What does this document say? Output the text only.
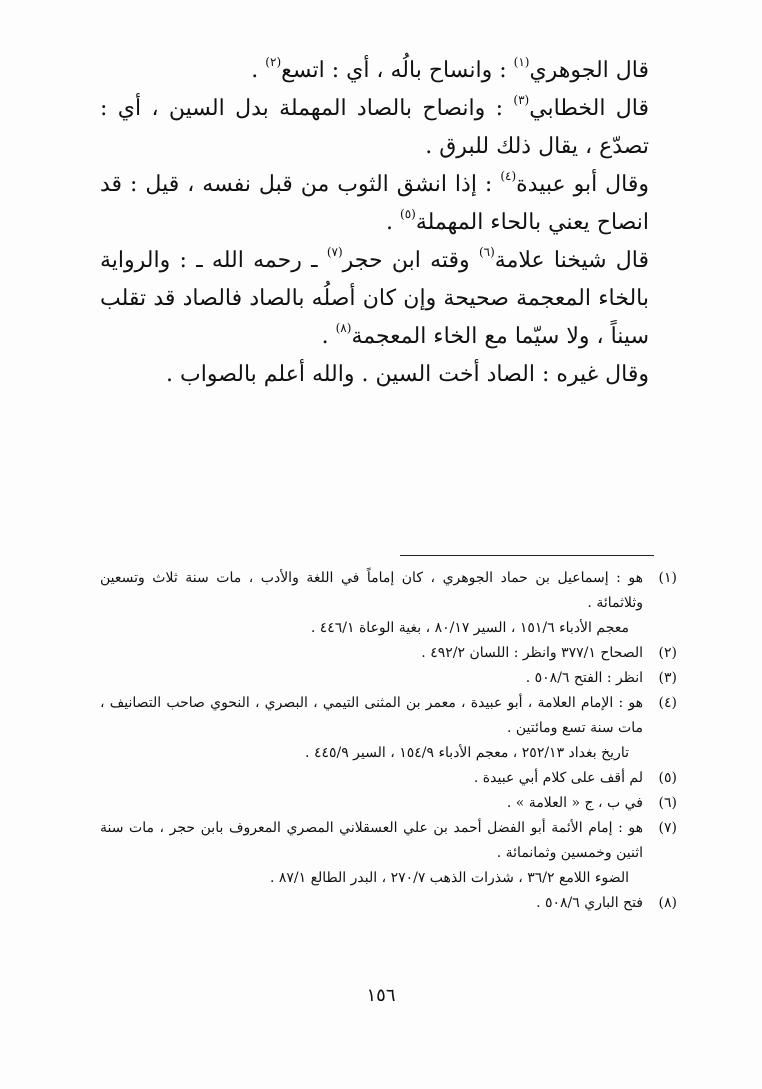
قال الجوهري$^{(١)}$ : وانساح بالُه ، أي : اتسع$^{(٢)}$ .

قال الخطابي$^{(٣)}$ : وانصاح بالصاد المهملة بدل السين ، أي : تصدّع ، يقال ذلك للبرق .

وقال أبو عبيدة$^{(٤)}$ : إذا انشق الثوب من قبل نفسه ، قيل : قد انصاح يعني بالحاء المهملة$^{(٥)}$ .

قال شيخنا علامة$^{(٦)}$ وقته ابن حجر$^{(٧)}$ ـ رحمه الله ـ : والرواية بالخاء المعجمة صحيحة وإن كان أصلُه بالصاد فالصاد قد تقلب سيناً ، ولا سيّما مع الخاء المعجمة$^{(٨)}$ .

وقال غيره : الصاد أخت السين . والله أعلم بالصواب .

(١)
هو : إسماعيل بن حماد الجوهري ، كان إماماً في اللغة والأدب ، مات سنة ثلاث وتسعين وثلاثمائة .
معجم الأدباء ١٥١/٦ ، السير ٨٠/١٧ ، بغية الوعاة ٤٤٦/١ .
(٢)
الصحاح ٣٧٧/١ وانظر : اللسان ٤٩٢/٢ .
(٣)
انظر : الفتح ٥٠٨/٦ .
(٤)
هو : الإمام العلامة ، أبو عبيدة ، معمر بن المثنى التيمي ، البصري ، النحوي صاحب التصانيف ، مات سنة تسع ومائتين .
تاريخ بغداد ٢٥٢/١٣ ، معجم الأدباء ١٥٤/٩ ، السير ٤٤٥/٩ .
(٥)
لم أقف على كلام أبي عبيدة .
(٦)
في ب ، ج « العلامة » .
(٧)
هو : إمام الأئمة أبو الفضل أحمد بن علي العسقلاني المصري المعروف بابن حجر ، مات سنة اثنين وخمسين وثمانمائة .
الضوء اللامع ٣٦/٢ ، شذرات الذهب ٢٧٠/٧ ، البدر الطالع ٨٧/١ .
(٨)
فتح الباري ٥٠٨/٦ .
١٥٦
